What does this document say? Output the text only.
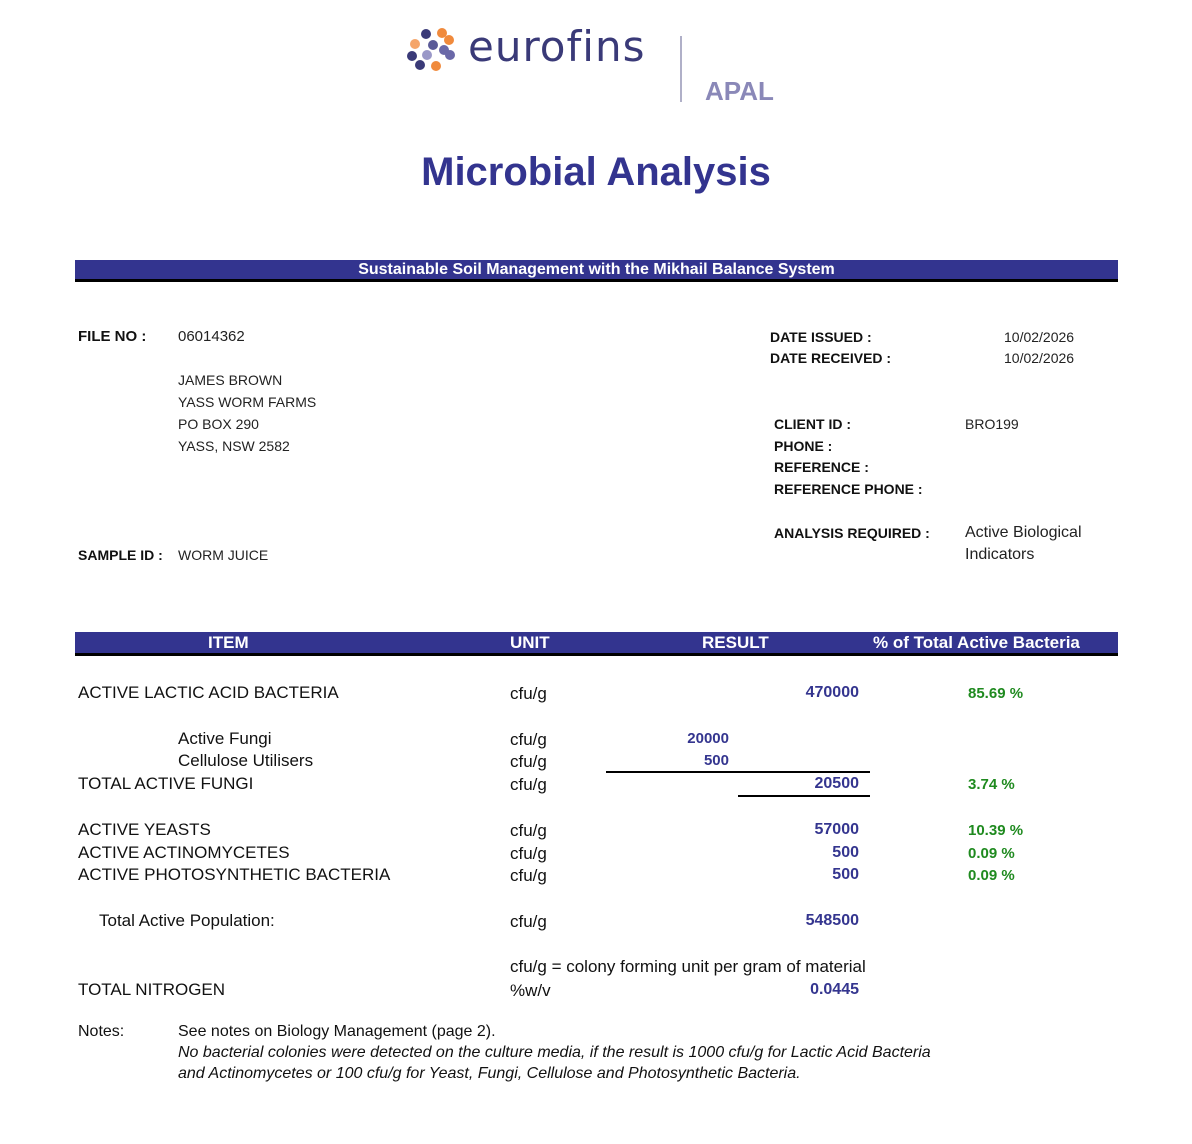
eurofins
APAL
Microbial Analysis
Sustainable Soil Management with the Mikhail Balance System
FILE NO : 06014362
JAMES BROWN
YASS WORM FARMS
PO BOX 290
YASS, NSW 2582
SAMPLE ID : WORM JUICE
DATE ISSUED :	10/02/2026
DATE RECEIVED :	10/02/2026
CLIENT ID :	BRO199
PHONE :
REFERENCE :
REFERENCE PHONE :
ANALYSIS REQUIRED : Active Biological
Indicators
ITEM	UNIT	RESULT	% of Total Active Bacteria
ACTIVE LACTIC ACID BACTERIA	cfu/g	470000	85.69 %
Active Fungi	cfu/g	20000
Cellulose Utilisers	cfu/g	500
TOTAL ACTIVE FUNGI	cfu/g	20500	3.74 %
ACTIVE YEASTS	cfu/g	57000	10.39 %
ACTIVE ACTINOMYCETES	cfu/g	500	0.09 %
ACTIVE PHOTOSYNTHETIC BACTERIA	cfu/g	500	0.09 %
Total Active Population:	cfu/g	548500
cfu/g = colony forming unit per gram of material
TOTAL NITROGEN	%w/v	0.0445
Notes:	See notes on Biology Management (page 2).
No bacterial colonies were detected on the culture media, if the result is 1000 cfu/g for Lactic Acid Bacteria
and Actinomycetes or 100 cfu/g for Yeast, Fungi, Cellulose and Photosynthetic Bacteria.
